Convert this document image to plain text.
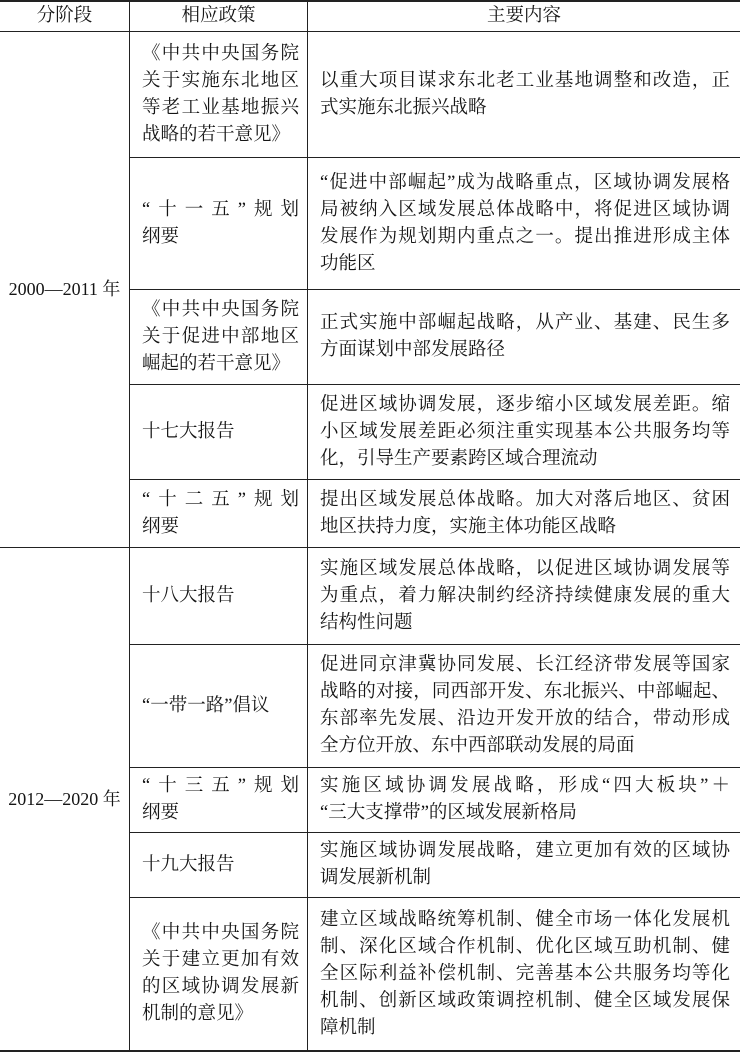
分阶段	相应政策	主要内容
2000—2011 年
《中共中央国务院
关于实施东北地区
等老工业基地振兴
战略的若干意见》
以重大项目谋求东北老工业基地调整和改造，正
式实施东北振兴战略
“十一五”规划
纲要
“促进中部崛起”成为战略重点，区域协调发展格
局被纳入区域发展总体战略中，将促进区域协调
发展作为规划期内重点之一。提出推进形成主体
功能区
《中共中央国务院
关于促进中部地区
崛起的若干意见》
正式实施中部崛起战略，从产业、基建、民生多
方面谋划中部发展路径
十七大报告
促进区域协调发展，逐步缩小区域发展差距。缩
小区域发展差距必须注重实现基本公共服务均等
化，引导生产要素跨区域合理流动
“十二五”规划
纲要
提出区域发展总体战略。加大对落后地区、贫困
地区扶持力度，实施主体功能区战略
2012—2020 年
十八大报告
实施区域发展总体战略，以促进区域协调发展等
为重点，着力解决制约经济持续健康发展的重大
结构性问题
“一带一路”倡议
促进同京津冀协同发展、长江经济带发展等国家
战略的对接，同西部开发、东北振兴、中部崛起、
东部率先发展、沿边开发开放的结合，带动形成
全方位开放、东中西部联动发展的局面
“十三五”规划
纲要
实施区域协调发展战略，形成“四大板块”＋
“三大支撑带”的区域发展新格局
十九大报告
实施区域协调发展战略，建立更加有效的区域协
调发展新机制
《中共中央国务院
关于建立更加有效
的区域协调发展新
机制的意见》
建立区域战略统筹机制、健全市场一体化发展机
制、深化区域合作机制、优化区域互助机制、健
全区际利益补偿机制、完善基本公共服务均等化
机制、创新区域政策调控机制、健全区域发展保
障机制
